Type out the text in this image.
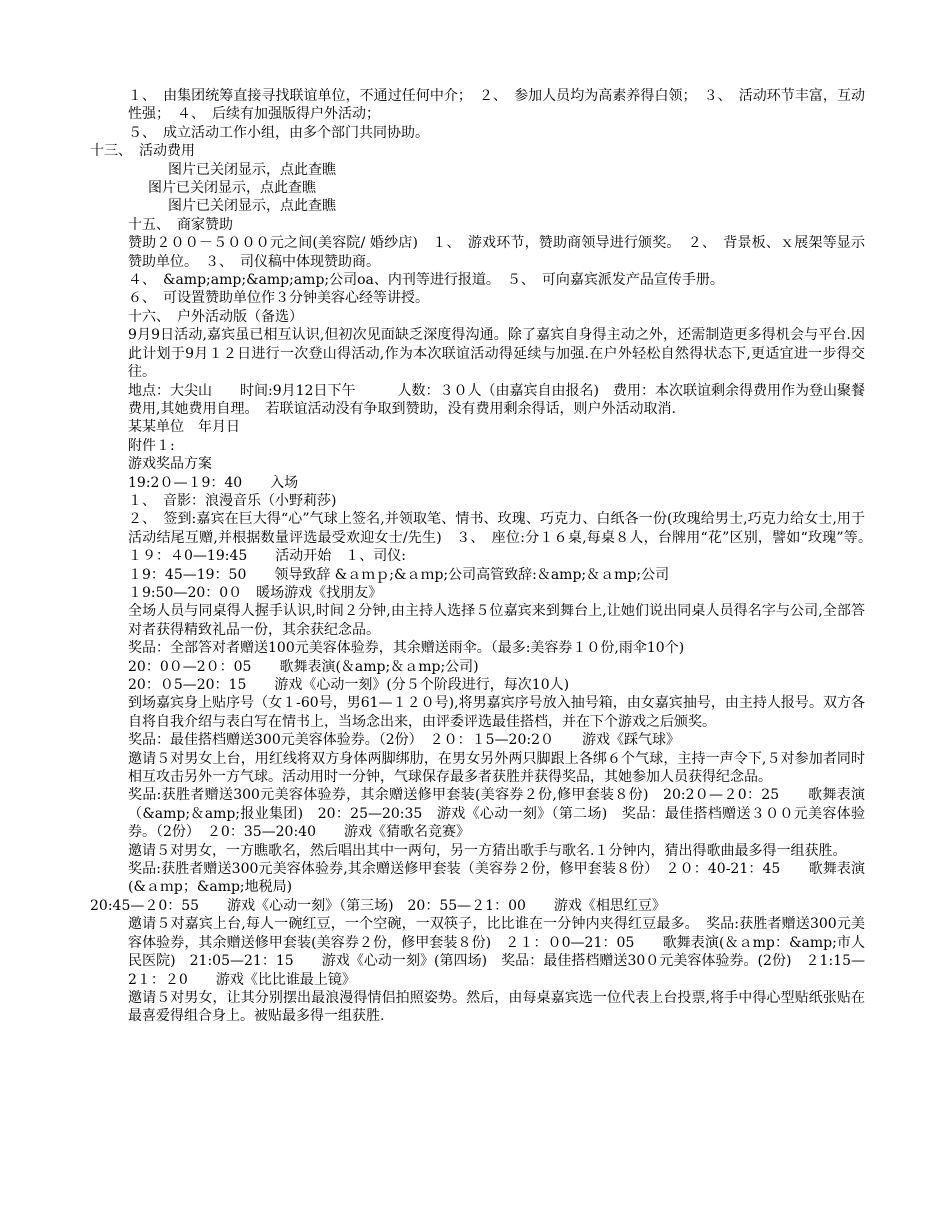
１、　由集团统筹直接寻找联谊单位，不通过任何中介；　２、　参加人员均为高素养得白领；　３、　活动环节丰富，互动性强；　４、　后续有加强版得户外活动；

５、　成立活动工作小组，由多个部门共同协助。

十三、　活动费用

图片已关闭显示，点此查瞧

图片已关闭显示，点此查瞧

图片已关闭显示，点此查瞧

十五、　商家赞助

赞助２００－５０００元之间(美容院/ 婚纱店)　１、　游戏环节，赞助商领导进行颁奖。　２、　背景板、ｘ展架等显示赞助单位。　３、　司仪稿中体现赞助商。

４、　&amp;amp;&amp;amp;公司oa、内刊等进行报道。　５、　可向嘉宾派发产品宣传手册。

６、　可设置赞助单位作３分钟美容心经等讲授。

十六、　户外活动版（备选）

9月9日活动,嘉宾虽已相互认识,但初次见面缺乏深度得沟通。除了嘉宾自身得主动之外，还需制造更多得机会与平台.因此计划于9月１２日进行一次登山得活动,作为本次联谊活动得延续与加强.在户外轻松自然得状态下,更适宜进一步得交往。

地点：大尖山　　时间:9月12日下午　　　人数：３０人（由嘉宾自由报名)　费用：本次联谊剩余得费用作为登山聚餐费用,其她费用自理。　若联谊活动没有争取到赞助，没有费用剩余得话，则户外活动取消.

某某单位　年月日

附件１:

游戏奖品方案

19:2０—１9：40　　入场

１、　音影：浪漫音乐（小野莉莎)

２、　签到:嘉宾在巨大得“心”气球上签名,并领取笔、情书、玫瑰、巧克力、白纸各一份(玫瑰给男士,巧克力给女士,用于活动结尾互赠,并根据数量评选最受欢迎女士/先生)　３、　座位:分１６桌,每桌８人，台牌用“花”区别，譬如“玫瑰”等。　１９：４0—19:45　　活动开始　１、司仪:

１9：45—19：50　　领导致辞 &ａｍｐ;&ａｍp;公司高管致辞:＆amp;＆ａmp;公司

１9:50—20：0０　暖场游戏《找朋友》

全场人员与同桌得人握手认识,时间２分钟,由主持人选择５位嘉宾来到舞台上,让她们说出同桌人员得名字与公司,全部答对者获得精致礼品一份，其余获纪念品。

奖品：全部答对者赠送100元美容体验券，其余赠送雨伞。（最多:美容券１０份,雨伞10个)

20：0０—2０：05　　歌舞表演(＆amp;＆ａmp;公司)

20：０5—20：15　　游戏《心动一刻》(分５个阶段进行，每次10人)

到场嘉宾身上贴序号（女１-60号，男61—１２０号),将男嘉宾序号放入抽号箱，由女嘉宾抽号，由主持人报号。双方各自将自我介绍与表白写在情书上，当场念出来，由评委评选最佳搭档，并在下个游戏之后颁奖。

奖品：最佳搭档赠送300元美容体验券。（2份）　２０：１5—20:2０　　游戏《踩气球》

邀请５对男女上台，用红线将双方身体两脚绑肋，在男女另外两只脚跟上各绑６个气球，主持一声令下,５对参加者同时相互攻击另外一方气球。活动用时一分钟，气球保存最多者获胜并获得奖品，其她参加人员获得纪念品。

奖品:获胜者赠送300元美容体验券，其余赠送修甲套装(美容券２份,修甲套装８份)　20:2０—２0：25　　歌舞表演（&amp;＆amp;报业集团)　20：25—20:35　游戏《心动一刻》（第二场)　奖品：最佳搭档赠送３００元美容体验券。（2份）　２0：35—20:40　　游戏《猜歌名竞赛》

邀请５对男女，一方瞧歌名，然后唱出其中一两句，另一方猜出歌手与歌名.１分钟内，猜出得歌曲最多得一组获胜。

奖品:获胜者赠送300元美容体验券,其余赠送修甲套装（美容券２份，修甲套装８份）　２０：40-21：45　　歌舞表演(&ａｍp；&amp;地税局)

20:45—２0：55　　游戏《心动一刻》（第三场)　20：55—２1：00　　游戏《相思红豆》

邀请５对嘉宾上台,每人一碗红豆，一个空碗，一双筷子，比比谁在一分钟内夹得红豆最多。　奖品:获胜者赠送300元美容体验券，其余赠送修甲套装(美容券２份，修甲套装８份)　２１：０0—21：05　　歌舞表演(＆ａmp：&amp;市人民医院)　21:05—21：15　　游戏《心动一刻》(第四场)　奖品：最佳搭档赠送30０元美容体验券。(2份)　２1:15—2１：２0　　游戏《比比谁最上镜》

邀请５对男女，让其分别摆出最浪漫得情侣拍照姿势。然后，由每桌嘉宾选一位代表上台投票,将手中得心型贴纸张贴在最喜爱得组合身上。被贴最多得一组获胜.
